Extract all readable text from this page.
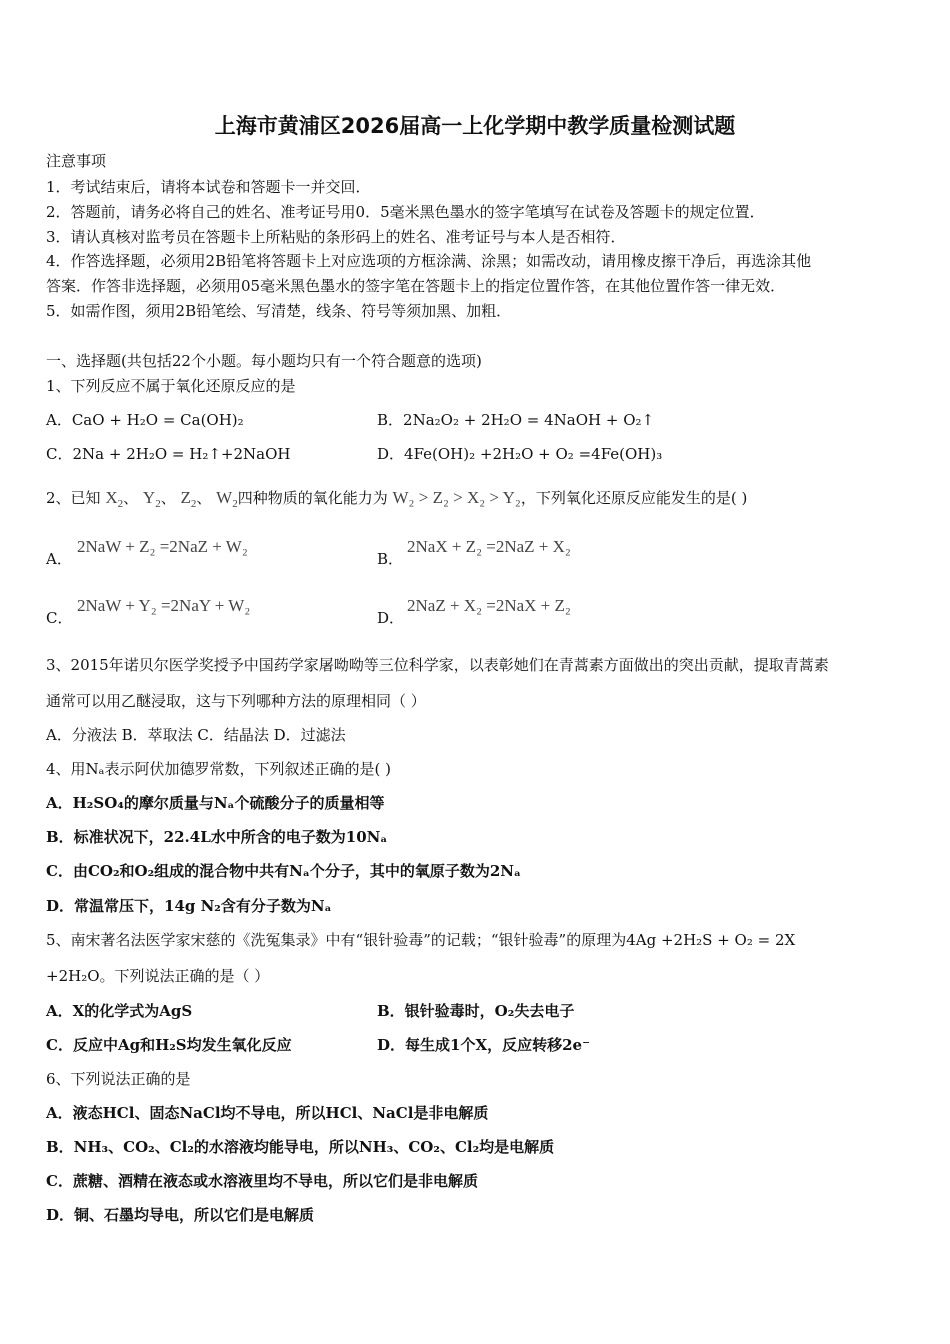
上海市黄浦区2026届高一上化学期中教学质量检测试题
注意事项
1．考试结束后，请将本试卷和答题卡一并交回．
2．答题前，请务必将自己的姓名、准考证号用0．5毫米黑色墨水的签字笔填写在试卷及答题卡的规定位置．
3．请认真核对监考员在答题卡上所粘贴的条形码上的姓名、准考证号与本人是否相符．
4．作答选择题，必须用2B铅笔将答题卡上对应选项的方框涂满、涂黑；如需改动，请用橡皮擦干净后，再选涂其他
答案．作答非选择题，必须用05毫米黑色墨水的签字笔在答题卡上的指定位置作答，在其他位置作答一律无效．
5．如需作图，须用2B铅笔绘、写清楚，线条、符号等须加黑、加粗．
一、选择题(共包括22个小题。每小题均只有一个符合题意的选项)
1、下列反应不属于氧化还原反应的是
A．CaO + H₂O = Ca(OH)₂	B．2Na₂O₂ + 2H₂O = 4NaOH + O₂↑
C．2Na + 2H₂O = H₂↑+2NaOH	D．4Fe(OH)₂ +2H₂O + O₂ =4Fe(OH)₃
2、已知 $X_2$、 $Y_2$、 $Z_2$、 $W_2$四种物质的氧化能力为 W₂ > Z₂ > X₂ > Y₂，下列氧化还原反应能发生的是( )
A．
2NaW + Z₂ =2NaZ + W₂
B．
2NaX + Z₂ =2NaZ + X₂
C．
2NaW + Y₂ =2NaY + W₂
D．
2NaZ + X₂ =2NaX + Z₂
3、2015年诺贝尔医学奖授予中国药学家屠呦呦等三位科学家，以表彰她们在青蒿素方面做出的突出贡献，提取青蒿素
通常可以用乙醚浸取，这与下列哪种方法的原理相同（ ）
A．分液法 B．萃取法 C．结晶法 D．过滤法
4、用Nₐ表示阿伏加德罗常数，下列叙述正确的是( )
A．H₂SO₄的摩尔质量与Nₐ个硫酸分子的质量相等
B．标准状况下，22.4L水中所含的电子数为10Nₐ
C．由CO₂和O₂组成的混合物中共有Nₐ个分子，其中的氧原子数为2Nₐ
D．常温常压下，14g N₂含有分子数为Nₐ
5、南宋著名法医学家宋慈的《洗冤集录》中有“银针验毒”的记载；“银针验毒”的原理为4Ag +2H₂S + O₂ = 2X
+2H₂O。下列说法正确的是（ ）
A．X的化学式为AgS	B．银针验毒时，O₂失去电子
C．反应中Ag和H₂S均发生氧化反应	D．每生成1个X，反应转移2e⁻
6、下列说法正确的是
A．液态HCl、固态NaCl均不导电，所以HCl、NaCl是非电解质
B．NH₃、CO₂、Cl₂的水溶液均能导电，所以NH₃、CO₂、Cl₂均是电解质
C．蔗糖、酒精在液态或水溶液里均不导电，所以它们是非电解质
D．铜、石墨均导电，所以它们是电解质
